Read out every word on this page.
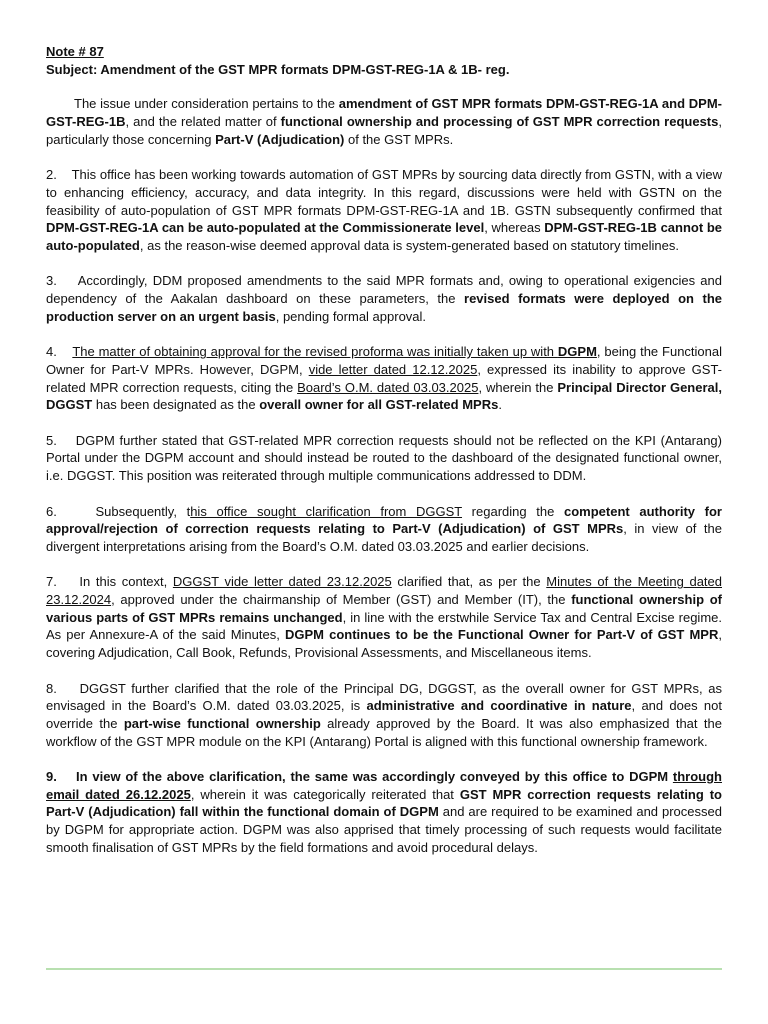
Note # 87
Subject: Amendment of the GST MPR formats DPM-GST-REG-1A & 1B- reg.

The issue under consideration pertains to the amendment of GST MPR formats DPM-GST-REG-1A and DPM-GST-REG-1B, and the related matter of functional ownership and processing of GST MPR correction requests, particularly those concerning Part-V (Adjudication) of the GST MPRs.

2. This office has been working towards automation of GST MPRs by sourcing data directly from GSTN, with a view to enhancing efficiency, accuracy, and data integrity. In this regard, discussions were held with GSTN on the feasibility of auto-population of GST MPR formats DPM-GST-REG-1A and 1B. GSTN subsequently confirmed that DPM-GST-REG-1A can be auto-populated at the Commissionerate level, whereas DPM-GST-REG-1B cannot be auto-populated, as the reason-wise deemed approval data is system-generated based on statutory timelines.

3. Accordingly, DDM proposed amendments to the said MPR formats and, owing to operational exigencies and dependency of the Aakalan dashboard on these parameters, the revised formats were deployed on the production server on an urgent basis, pending formal approval.

4. The matter of obtaining approval for the revised proforma was initially taken up with DGPM, being the Functional Owner for Part-V MPRs. However, DGPM, vide letter dated 12.12.2025, expressed its inability to approve GST-related MPR correction requests, citing the Board’s O.M. dated 03.03.2025, wherein the Principal Director General, DGGST has been designated as the overall owner for all GST-related MPRs.

5. DGPM further stated that GST-related MPR correction requests should not be reflected on the KPI (Antarang) Portal under the DGPM account and should instead be routed to the dashboard of the designated functional owner, i.e. DGGST. This position was reiterated through multiple communications addressed to DDM.

6.	Subsequently, this office sought clarification from DGGST regarding the competent authority for approval/rejection of correction requests relating to Part-V (Adjudication) of GST MPRs, in view of the divergent interpretations arising from the Board’s O.M. dated 03.03.2025 and earlier decisions.

7. In this context, DGGST vide letter dated 23.12.2025 clarified that, as per the Minutes of the Meeting dated 23.12.2024, approved under the chairmanship of Member (GST) and Member (IT), the functional ownership of various parts of GST MPRs remains unchanged, in line with the erstwhile Service Tax and Central Excise regime. As per Annexure-A of the said Minutes, DGPM continues to be the Functional Owner for Part-V of GST MPR, covering Adjudication, Call Book, Refunds, Provisional Assessments, and Miscellaneous items.

8. DGGST further clarified that the role of the Principal DG, DGGST, as the overall owner for GST MPRs, as envisaged in the Board’s O.M. dated 03.03.2025, is administrative and coordinative in nature, and does not override the part-wise functional ownership already approved by the Board. It was also emphasized that the workflow of the GST MPR module on the KPI (Antarang) Portal is aligned with this functional ownership framework.

9. In view of the above clarification, the same was accordingly conveyed by this office to DGPM through email dated 26.12.2025, wherein it was categorically reiterated that GST MPR correction requests relating to Part-V (Adjudication) fall within the functional domain of DGPM and are required to be examined and processed by DGPM for appropriate action. DGPM was also apprised that timely processing of such requests would facilitate smooth finalisation of GST MPRs by the field formations and avoid procedural delays.
